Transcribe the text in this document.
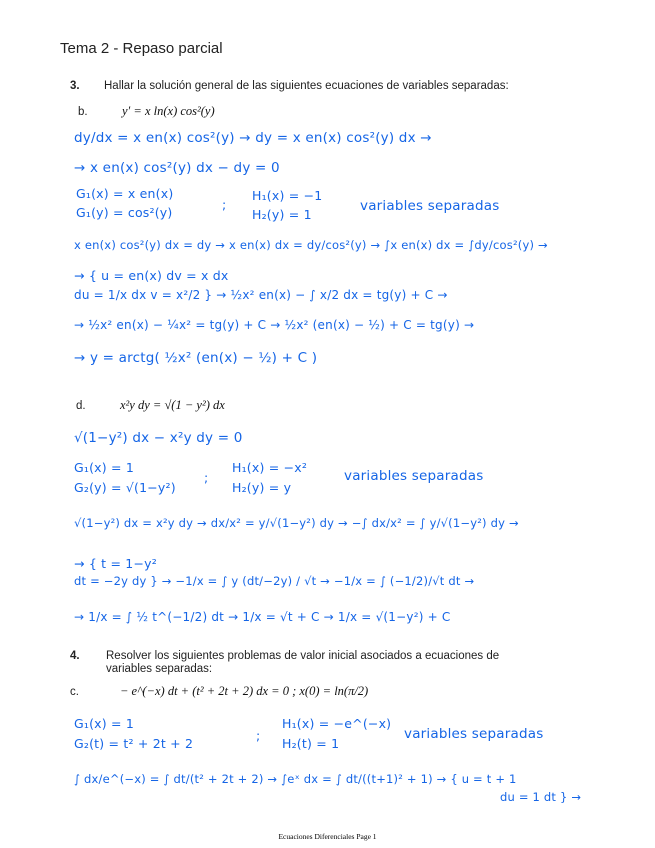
Tema 2 - Repaso parcial
3. Hallar la solución general de las siguientes ecuaciones de variables separadas:
b.	y′ = x ln(x) cos²(y)
dy/dx = x en(x) cos²(y) → dy = x en(x) cos²(y) dx →
→ x en(x) cos²(y) dx − dy = 0
G₁(x) = x en(x)
G₁(y) = cos²(y)
;
H₁(x) = −1
H₂(y) = 1
variables separadas
x en(x) cos²(y) dx = dy → x en(x) dx = dy/cos²(y) → ∫x en(x) dx = ∫dy/cos²(y) →
→ { u = en(x) dv = x dx
du = 1/x dx v = x²/2 } → ½x² en(x) − ∫ x/2 dx = tg(y) + C →
→ ½x² en(x) − ¼x² = tg(y) + C → ½x² (en(x) − ½) + C = tg(y) →
→ y = arctg( ½x² (en(x) − ½) + C )
d.	x²y dy = √(1 − y²) dx
√(1−y²) dx − x²y dy = 0
G₁(x) = 1
G₂(y) = √(1−y²)
;
H₁(x) = −x²
H₂(y) = y
variables separadas
√(1−y²) dx = x²y dy → dx/x² = y/√(1−y²) dy → −∫ dx/x² = ∫ y/√(1−y²) dy →
→ { t = 1−y²
dt = −2y dy } → −1/x = ∫ y (dt/−2y) / √t → −1/x = ∫ (−1/2)/√t dt →
→ 1/x = ∫ ½ t^(−1/2) dt → 1/x = √t + C → 1/x = √(1−y²) + C
4. Resolver los siguientes problemas de valor inicial asociados a ecuaciones de
variables separadas:
c.	− e^(−x) dt + (t² + 2t + 2) dx = 0 ; x(0) = ln(π/2)
G₁(x) = 1
G₂(t) = t² + 2t + 2
;
H₁(x) = −e^(−x)
H₂(t) = 1
variables separadas
∫ dx/e^(−x) = ∫ dt/(t² + 2t + 2) → ∫eˣ dx = ∫ dt/((t+1)² + 1) → { u = t + 1
du = 1 dt } →
Ecuaciones Diferenciales Page 1
